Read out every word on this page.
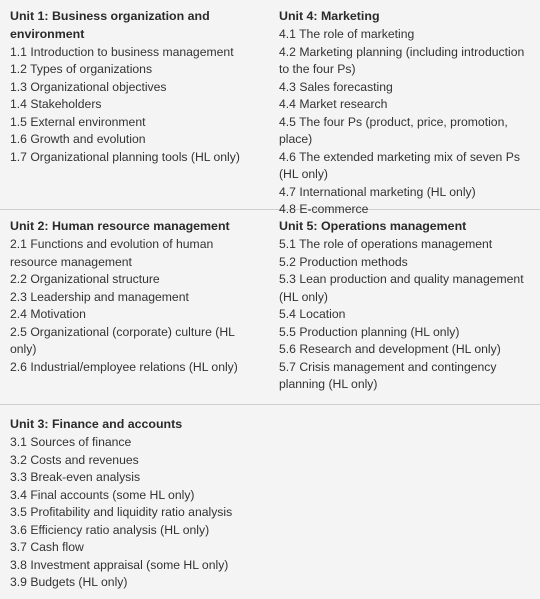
Unit 1: Business organization and environment
1.1 Introduction to business management
1.2 Types of organizations
1.3 Organizational objectives
1.4 Stakeholders
1.5 External environment
1.6 Growth and evolution
1.7 Organizational planning tools (HL only)
Unit 4: Marketing
4.1 The role of marketing
4.2 Marketing planning (including introduction to the four Ps)
4.3 Sales forecasting
4.4 Market research
4.5 The four Ps (product, price, promotion, place)
4.6 The extended marketing mix of seven Ps (HL only)
4.7 International marketing (HL only)
4.8 E-commerce
Unit 2: Human resource management
2.1 Functions and evolution of human resource management
2.2 Organizational structure
2.3 Leadership and management
2.4 Motivation
2.5 Organizational (corporate) culture (HL only)
2.6 Industrial/employee relations (HL only)
Unit 5: Operations management
5.1 The role of operations management
5.2 Production methods
5.3 Lean production and quality management (HL only)
5.4 Location
5.5 Production planning (HL only)
5.6 Research and development (HL only)
5.7 Crisis management and contingency planning (HL only)
Unit 3: Finance and accounts
3.1 Sources of finance
3.2 Costs and revenues
3.3 Break-even analysis
3.4 Final accounts (some HL only)
3.5 Profitability and liquidity ratio analysis
3.6 Efficiency ratio analysis (HL only)
3.7 Cash flow
3.8 Investment appraisal (some HL only)
3.9 Budgets (HL only)
